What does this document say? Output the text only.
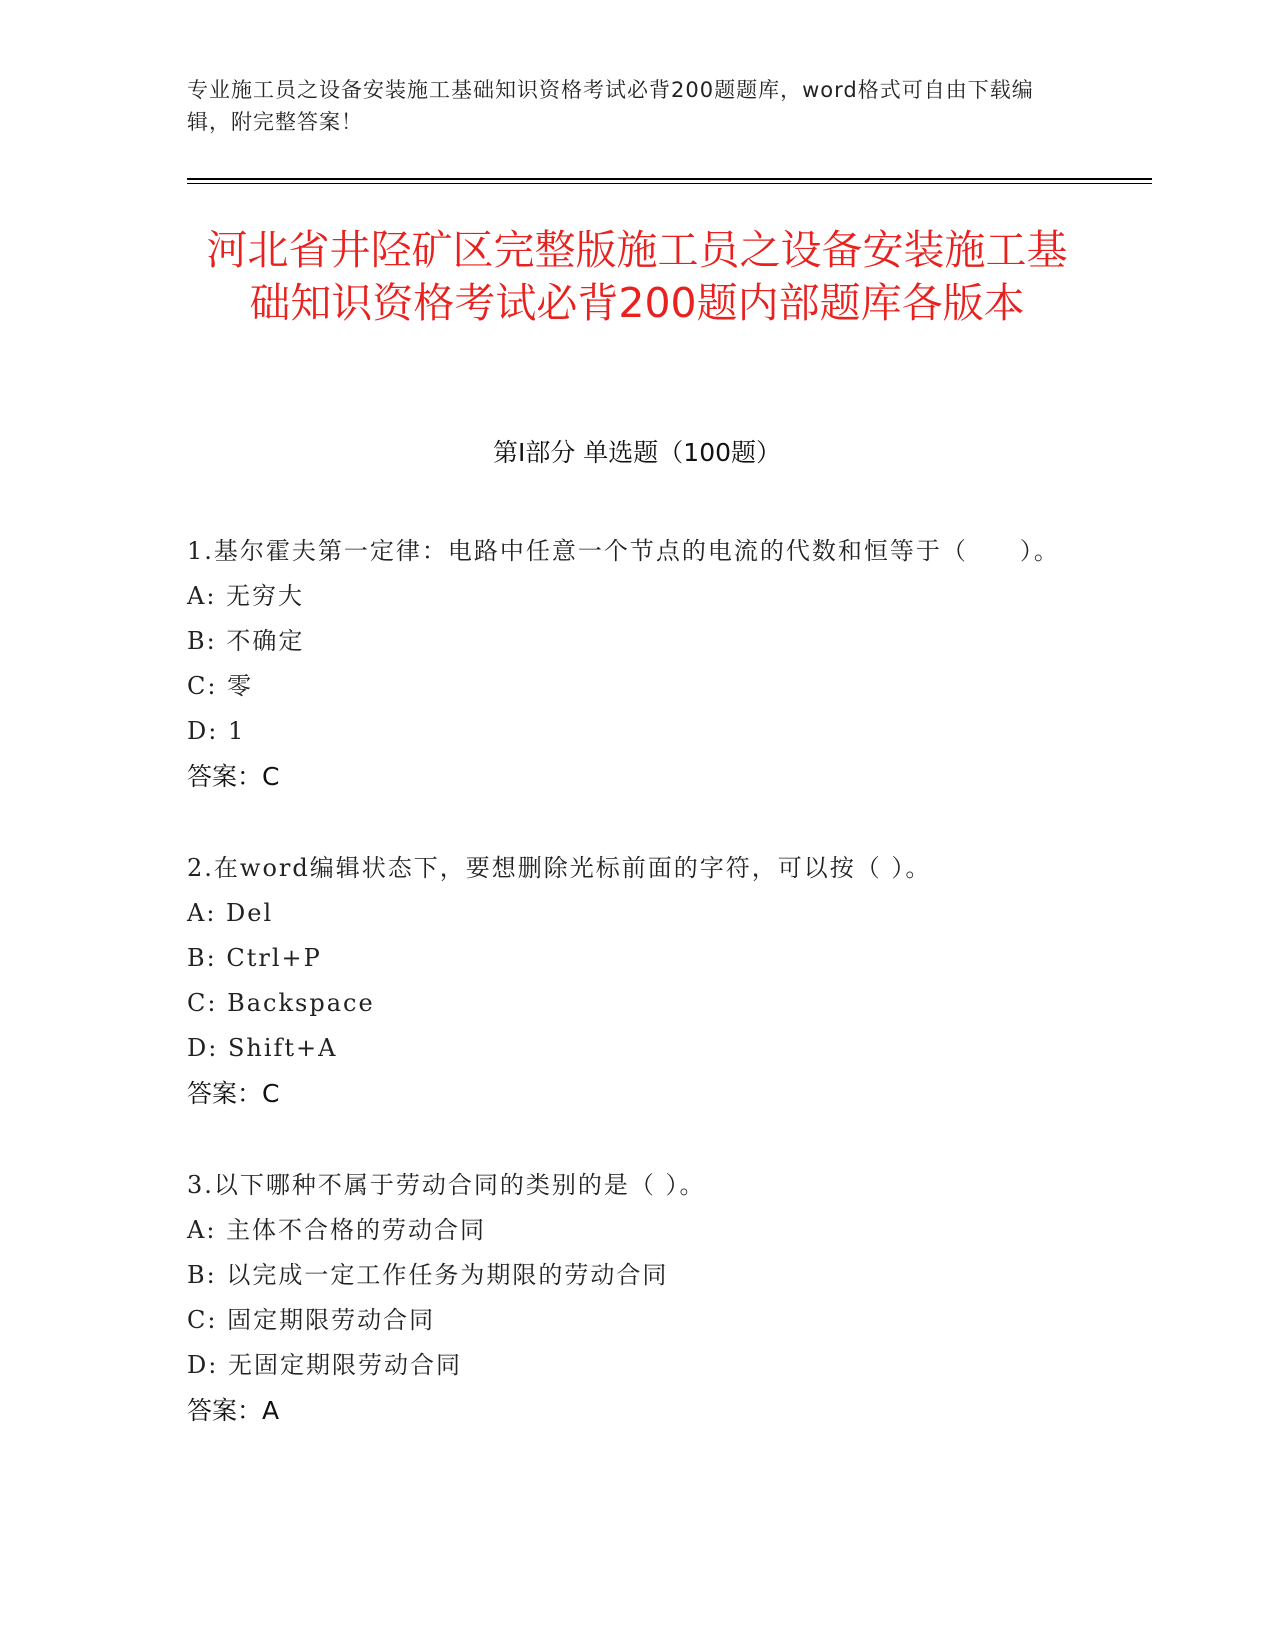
专业施工员之设备安装施工基础知识资格考试必背200题题库，word格式可自由下载编辑，附完整答案！
河北省井陉矿区完整版施工员之设备安装施工基础知识资格考试必背200题内部题库各版本
第Ⅰ部分 单选题（100题）
1.基尔霍夫第一定律：电路中任意一个节点的电流的代数和恒等于（　　）。
A: 无穷大
B: 不确定
C: 零
D: 1
答案：C
2.在word编辑状态下，要想删除光标前面的字符，可以按（ ）。
A: Del
B: Ctrl+P
C: Backspace
D: Shift+A
答案：C
3.以下哪种不属于劳动合同的类别的是（ ）。
A: 主体不合格的劳动合同
B: 以完成一定工作任务为期限的劳动合同
C: 固定期限劳动合同
D: 无固定期限劳动合同
答案：A
